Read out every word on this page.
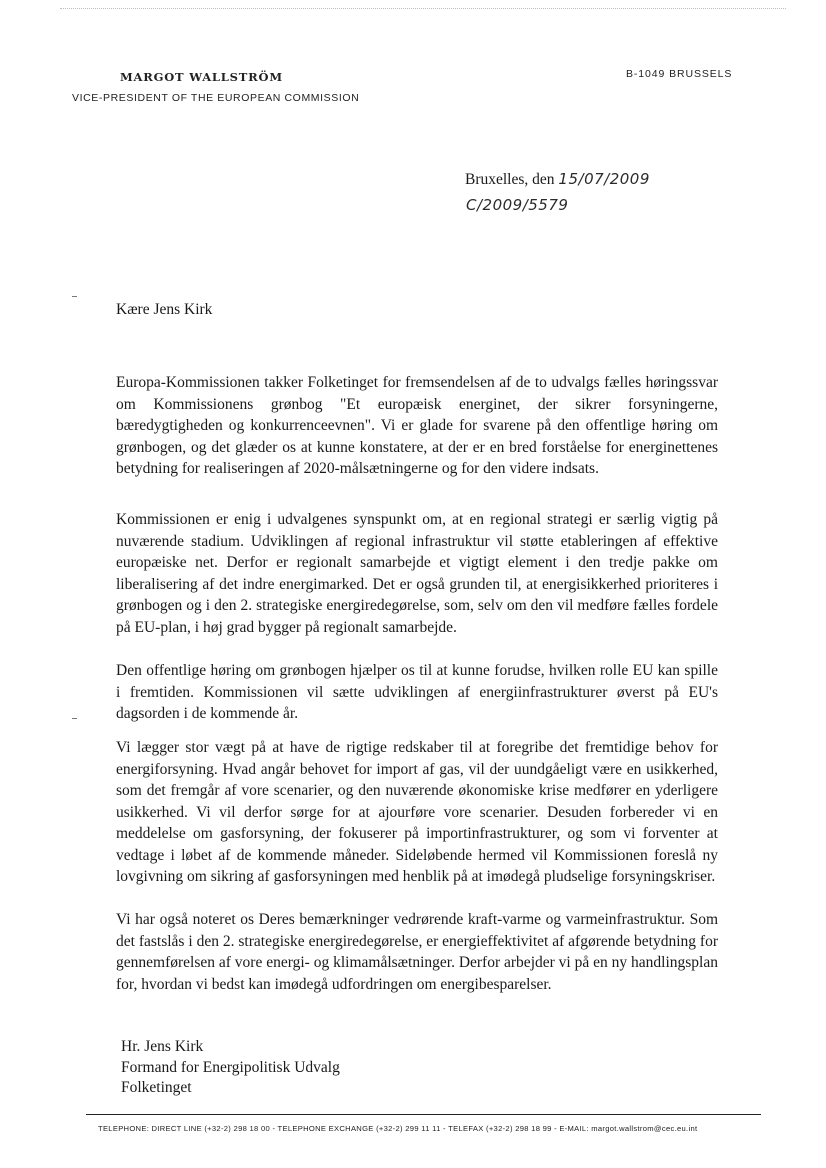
MARGOT WALLSTRÖM
VICE-PRESIDENT OF THE EUROPEAN COMMISSION
B-1049 BRUSSELS
Bruxelles, den 15/07/2009
C/2009/5579
Kære Jens Kirk

Europa-Kommissionen takker Folketinget for fremsendelsen af de to udvalgs fælles høringssvar om Kommissionens grønbog "Et europæisk energinet, der sikrer forsyningerne, bæredygtigheden og konkurrenceevnen". Vi er glade for svarene på den offentlige høring om grønbogen, og det glæder os at kunne konstatere, at der er en bred forståelse for energinettenes betydning for realiseringen af 2020-målsætningerne og for den videre indsats.

Kommissionen er enig i udvalgenes synspunkt om, at en regional strategi er særlig vigtig på nuværende stadium. Udviklingen af regional infrastruktur vil støtte etableringen af effektive europæiske net. Derfor er regionalt samarbejde et vigtigt element i den tredje pakke om liberalisering af det indre energimarked. Det er også grunden til, at energisikkerhed prioriteres i grønbogen og i den 2. strategiske energiredegørelse, som, selv om den vil medføre fælles fordele på EU-plan, i høj grad bygger på regionalt samarbejde.

Den offentlige høring om grønbogen hjælper os til at kunne forudse, hvilken rolle EU kan spille i fremtiden. Kommissionen vil sætte udviklingen af energiinfrastrukturer øverst på EU's dagsorden i de kommende år.

Vi lægger stor vægt på at have de rigtige redskaber til at foregribe det fremtidige behov for energiforsyning. Hvad angår behovet for import af gas, vil der uundgåeligt være en usikkerhed, som det fremgår af vore scenarier, og den nuværende økonomiske krise medfører en yderligere usikkerhed. Vi vil derfor sørge for at ajourføre vore scenarier. Desuden forbereder vi en meddelelse om gasforsyning, der fokuserer på importinfrastrukturer, og som vi forventer at vedtage i løbet af de kommende måneder. Sideløbende hermed vil Kommissionen foreslå ny lovgivning om sikring af gasforsyningen med henblik på at imødegå pludselige forsyningskriser.

Vi har også noteret os Deres bemærkninger vedrørende kraft-varme og varmeinfrastruktur. Som det fastslås i den 2. strategiske energiredegørelse, er energieffektivitet af afgørende betydning for gennemførelsen af vore energi- og klimamålsætninger. Derfor arbejder vi på en ny handlingsplan for, hvordan vi bedst kan imødegå udfordringen om energibesparelser.

Hr. Jens Kirk
Formand for Energipolitisk Udvalg
Folketinget
TELEPHONE: DIRECT LINE (+32-2) 298 18 00 - TELEPHONE EXCHANGE (+32-2) 299 11 11 - TELEFAX (+32-2) 298 18 99 - E-MAIL: margot.wallstrom@cec.eu.int
